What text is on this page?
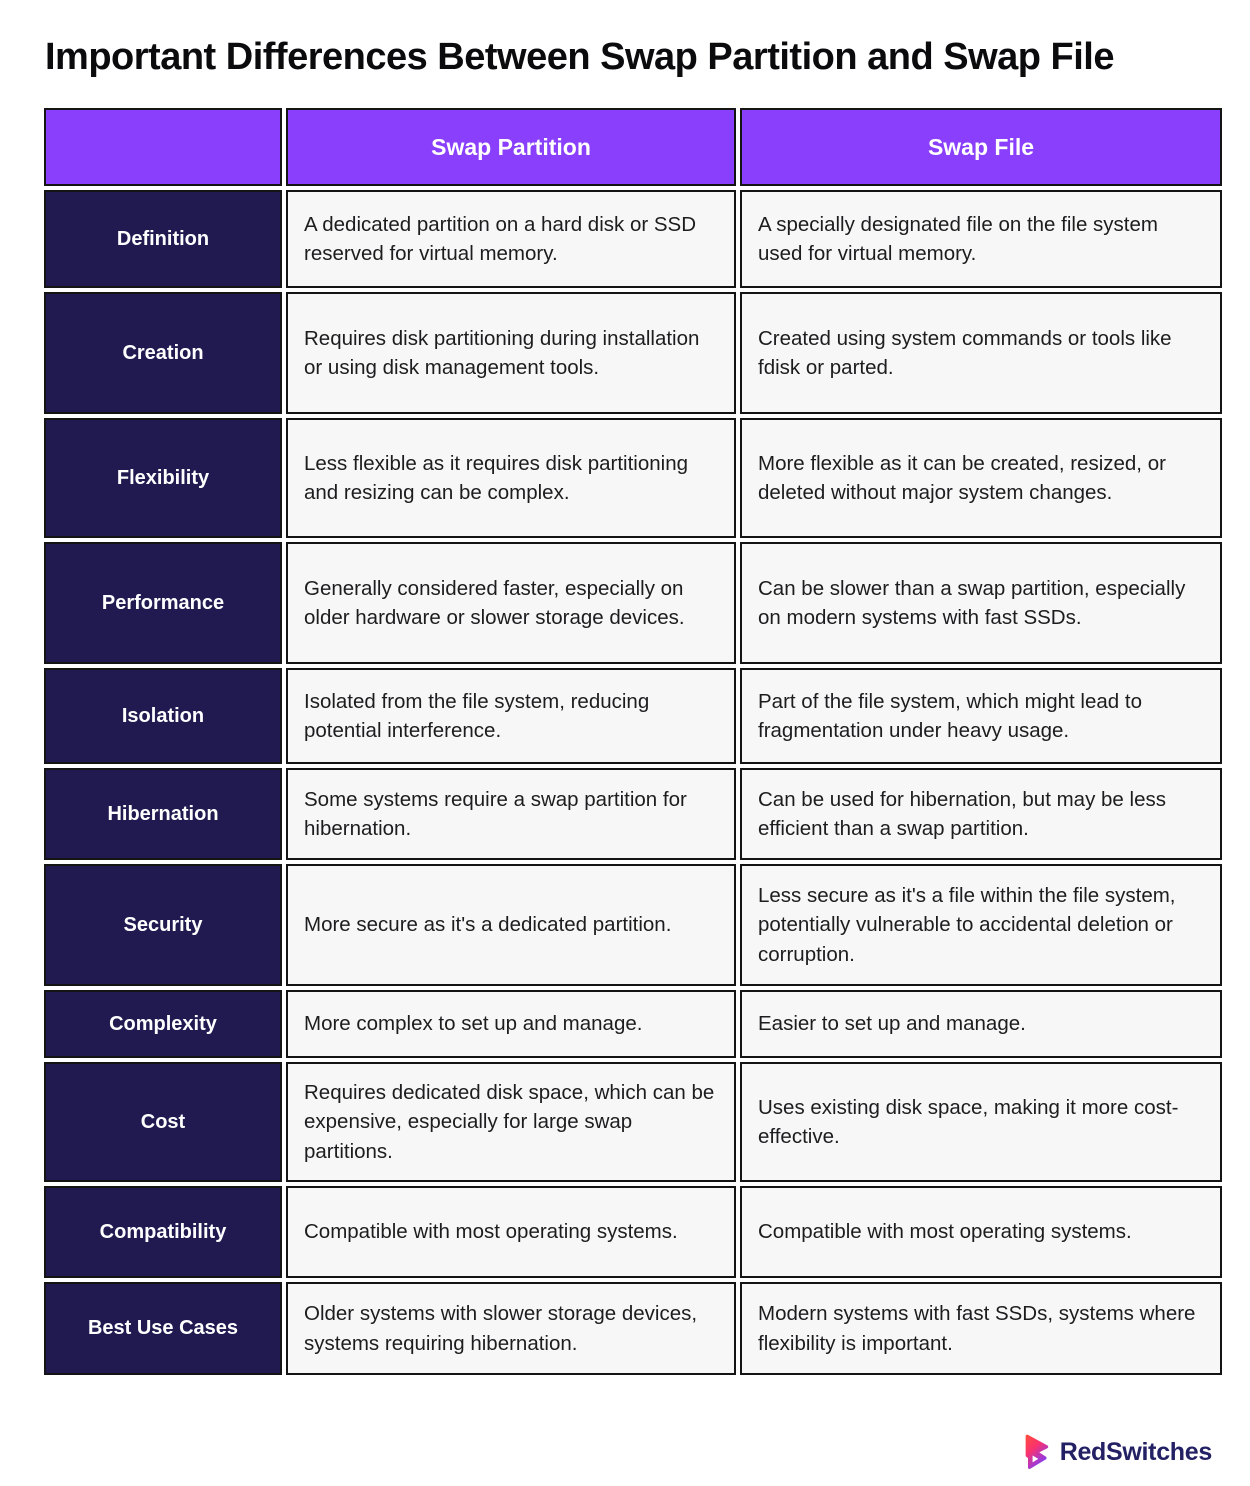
Important Differences Between Swap Partition and Swap File
	Swap Partition	Swap File
Definition	A dedicated partition on a hard disk or SSD reserved for virtual memory.	A specially designated file on the file system used for virtual memory.
Creation	Requires disk partitioning during installation or using disk management tools.	Created using system commands or tools like fdisk or parted.
Flexibility	Less flexible as it requires disk partitioning and resizing can be complex.	More flexible as it can be created, resized, or deleted without major system changes.
Performance	Generally considered faster, especially on older hardware or slower storage devices.	Can be slower than a swap partition, especially on modern systems with fast SSDs.
Isolation	Isolated from the file system, reducing potential interference.	Part of the file system, which might lead to fragmentation under heavy usage.
Hibernation	Some systems require a swap partition for hibernation.	Can be used for hibernation, but may be less efficient than a swap partition.
Security	More secure as it's a dedicated partition.	Less secure as it's a file within the file system, potentially vulnerable to accidental deletion or corruption.
Complexity	More complex to set up and manage.	Easier to set up and manage.
Cost	Requires dedicated disk space, which can be expensive, especially for large swap partitions.	Uses existing disk space, making it more cost-effective.
Compatibility	Compatible with most operating systems.	Compatible with most operating systems.
Best Use Cases	Older systems with slower storage devices, systems requiring hibernation.	Modern systems with fast SSDs, systems where flexibility is important.
RedSwitches
